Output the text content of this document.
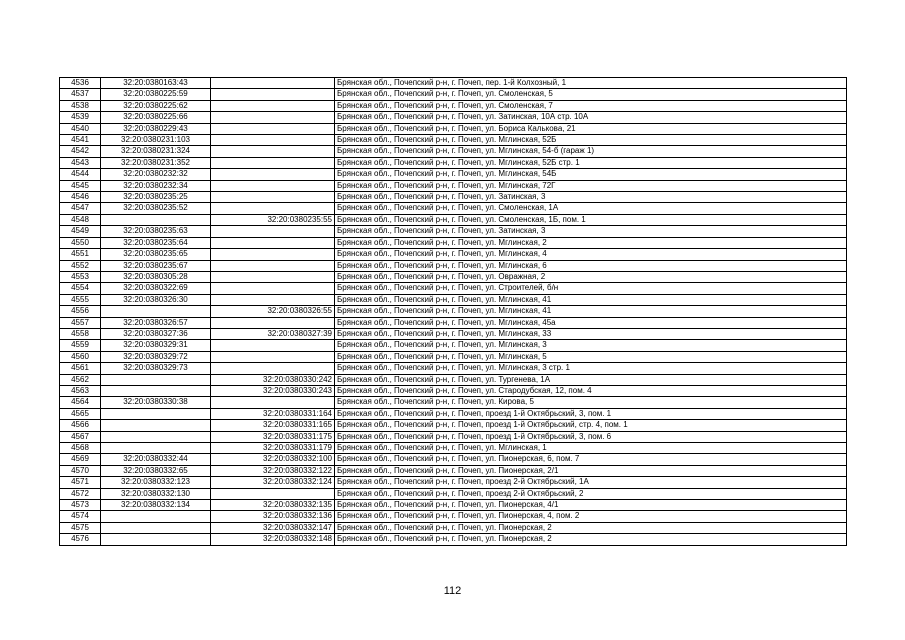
4536	32:20:0380163:43		Брянская обл., Почепский р-н, г. Почеп, пер. 1-й Колхозный, 1
4537	32:20:0380225:59		Брянская обл., Почепский р-н, г. Почеп, ул. Смоленская, 5
4538	32:20:0380225:62		Брянская обл., Почепский р-н, г. Почеп, ул. Смоленская, 7
4539	32:20:0380225:66		Брянская обл., Почепский р-н, г. Почеп, ул. Затинская, 10А стр. 10А
4540	32:20:0380229:43		Брянская обл., Почепский р-н, г. Почеп, ул. Бориса Калькова, 21
4541	32:20:0380231:103		Брянская обл., Почепский р-н, г. Почеп, ул. Мглинская, 52Б
4542	32:20:0380231:324		Брянская обл., Почепский р-н, г. Почеп, ул. Мглинская, 54-б (гараж 1)
4543	32:20:0380231:352		Брянская обл., Почепский р-н, г. Почеп, ул. Мглинская, 52Б стр. 1
4544	32:20:0380232:32		Брянская обл., Почепский р-н, г. Почеп, ул. Мглинская, 54Б
4545	32:20:0380232:34		Брянская обл., Почепский р-н, г. Почеп, ул. Мглинская, 72Г
4546	32:20:0380235:25		Брянская обл., Почепский р-н, г. Почеп, ул. Затинская, 3
4547	32:20:0380235:52		Брянская обл., Почепский р-н, г. Почеп, ул. Смоленская, 1А
4548		32:20:0380235:55	Брянская обл., Почепский р-н, г. Почеп, ул. Смоленская, 1Б, пом. 1
4549	32:20:0380235:63		Брянская обл., Почепский р-н, г. Почеп, ул. Затинская, 3
4550	32:20:0380235:64		Брянская обл., Почепский р-н, г. Почеп, ул. Мглинская, 2
4551	32:20:0380235:65		Брянская обл., Почепский р-н, г. Почеп, ул. Мглинская, 4
4552	32:20:0380235:67		Брянская обл., Почепский р-н, г. Почеп, ул. Мглинская, 6
4553	32:20:0380305:28		Брянская обл., Почепский р-н, г. Почеп, ул. Овражная, 2
4554	32:20:0380322:69		Брянская обл., Почепский р-н, г. Почеп, ул. Строителей, б/н
4555	32:20:0380326:30		Брянская обл., Почепский р-н, г. Почеп, ул. Мглинская, 41
4556		32:20:0380326:55	Брянская обл., Почепский р-н, г. Почеп, ул. Мглинская, 41
4557	32:20:0380326:57		Брянская обл., Почепский р-н, г. Почеп, ул. Мглинская, 45а
4558	32:20:0380327:36	32:20:0380327:39	Брянская обл., Почепский р-н, г. Почеп, ул. Мглинская, 33
4559	32:20:0380329:31		Брянская обл., Почепский р-н, г. Почеп, ул. Мглинская, 3
4560	32:20:0380329:72		Брянская обл., Почепский р-н, г. Почеп, ул. Мглинская, 5
4561	32:20:0380329:73		Брянская обл., Почепский р-н, г. Почеп, ул. Мглинская, 3 стр. 1
4562		32:20:0380330:242	Брянская обл., Почепский р-н, г. Почеп, ул. Тургенева, 1А
4563		32:20:0380330:243	Брянская обл., Почепский р-н, г. Почеп, ул. Стародубская, 12, пом. 4
4564	32:20:0380330:38		Брянская обл., Почепский р-н, г. Почеп, ул. Кирова, 5
4565		32:20:0380331:164	Брянская обл., Почепский р-н, г. Почеп, проезд 1-й Октябрьский, 3, пом. 1
4566		32:20:0380331:165	Брянская обл., Почепский р-н, г. Почеп, проезд 1-й Октябрьский, стр. 4, пом. 1
4567		32:20:0380331:175	Брянская обл., Почепский р-н, г. Почеп, проезд 1-й Октябрьский, 3, пом. 6
4568		32:20:0380331:179	Брянская обл., Почепский р-н, г. Почеп, ул. Мглинская, 1
4569	32:20:0380332:44	32:20:0380332:100	Брянская обл., Почепский р-н, г. Почеп, ул. Пионерская, 6, пом. 7
4570	32:20:0380332:65	32:20:0380332:122	Брянская обл., Почепский р-н, г. Почеп, ул. Пионерская, 2/1
4571	32:20:0380332:123	32:20:0380332:124	Брянская обл., Почепский р-н, г. Почеп, проезд 2-й Октябрьский, 1А
4572	32:20:0380332:130		Брянская обл., Почепский р-н, г. Почеп, проезд 2-й Октябрьский, 2
4573	32:20:0380332:134	32:20:0380332:135	Брянская обл., Почепский р-н, г. Почеп, ул. Пионерская, 4/1
4574		32:20:0380332:136	Брянская обл., Почепский р-н, г. Почеп, ул. Пионерская, 4, пом. 2
4575		32:20:0380332:147	Брянская обл., Почепский р-н, г. Почеп, ул. Пионерская, 2
4576		32:20:0380332:148	Брянская обл., Почепский р-н, г. Почеп, ул. Пионерская, 2
112
